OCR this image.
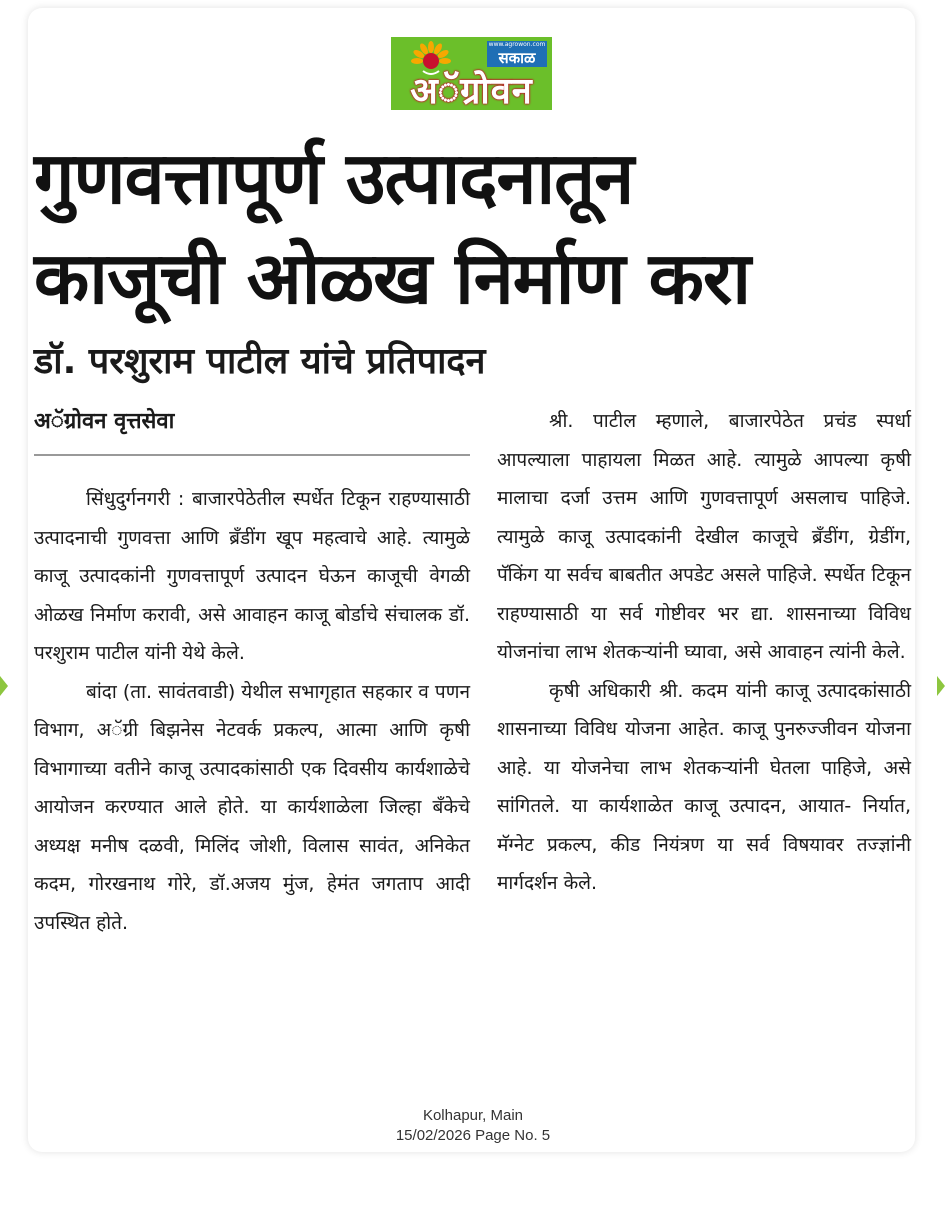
www.agrowon.com
सकाळ
अॅग्रोवन
गुणवत्तापूर्ण उत्पादनातून
काजूची ओळख निर्माण करा
डॉ. परशुराम पाटील यांचे प्रतिपादन
अॅग्रोवन वृत्तसेवा

सिंधुदुर्गनगरी : बाजारपेठेतील स्पर्धेत टिकून राहण्यासाठी उत्पादनाची गुणवत्ता आणि ब्रॅंडींग खूप महत्वाचे आहे. त्यामुळे काजू उत्पादकांनी गुणवत्तापूर्ण उत्पादन घेऊन काजूची वेगळी ओळख निर्माण करावी, असे आवाहन काजू बोर्डाचे संचालक डॉ. परशुराम पाटील यांनी येथे केले.

बांदा (ता. सावंतवाडी) येथील सभागृहात सहकार व पणन विभाग, अॅग्री बिझनेस नेटवर्क प्रकल्प, आत्मा आणि कृषी विभागाच्या वतीने काजू उत्पादकांसाठी एक दिवसीय कार्यशाळेचे आयोजन करण्यात आले होते. या कार्यशाळेला जिल्हा बॅंकेचे अध्यक्ष मनीष दळवी, मिलिंद जोशी, विलास सावंत, अनिकेत कदम, गोरखनाथ गोरे, डॉ.अजय मुंज, हेमंत जगताप आदी उपस्थित होते.

श्री. पाटील म्हणाले, बाजारपेठेत प्रचंड स्पर्धा आपल्याला पाहायला मिळत आहे. त्यामुळे आपल्या कृषी मालाचा दर्जा उत्तम आणि गुणवत्तापूर्ण असलाच पाहिजे. त्यामुळे काजू उत्पादकांनी देखील काजूचे ब्रॅंडींग, ग्रेडींग, पॅकिंग या सर्वच बाबतीत अपडेट असले पाहिजे. स्पर्धेत टिकून राहण्यासाठी या सर्व गोष्टीवर भर द्या. शासनाच्या विविध योजनांचा लाभ शेतकऱ्यांनी घ्यावा, असे आवाहन त्यांनी केले.

कृषी अधिकारी श्री. कदम यांनी काजू उत्पादकांसाठी शासनाच्या विविध योजना आहेत. काजू पुनरुज्जीवन योजना आहे. या योजनेचा लाभ शेतकऱ्यांनी घेतला पाहिजे, असे सांगितले. या कार्यशाळेत काजू उत्पादन, आयात- निर्यात, मॅग्नेट प्रकल्प, कीड नियंत्रण या सर्व विषयावर तज्ज्ञांनी मार्गदर्शन केले.

Kolhapur, Main
15/02/2026 Page No. 5
